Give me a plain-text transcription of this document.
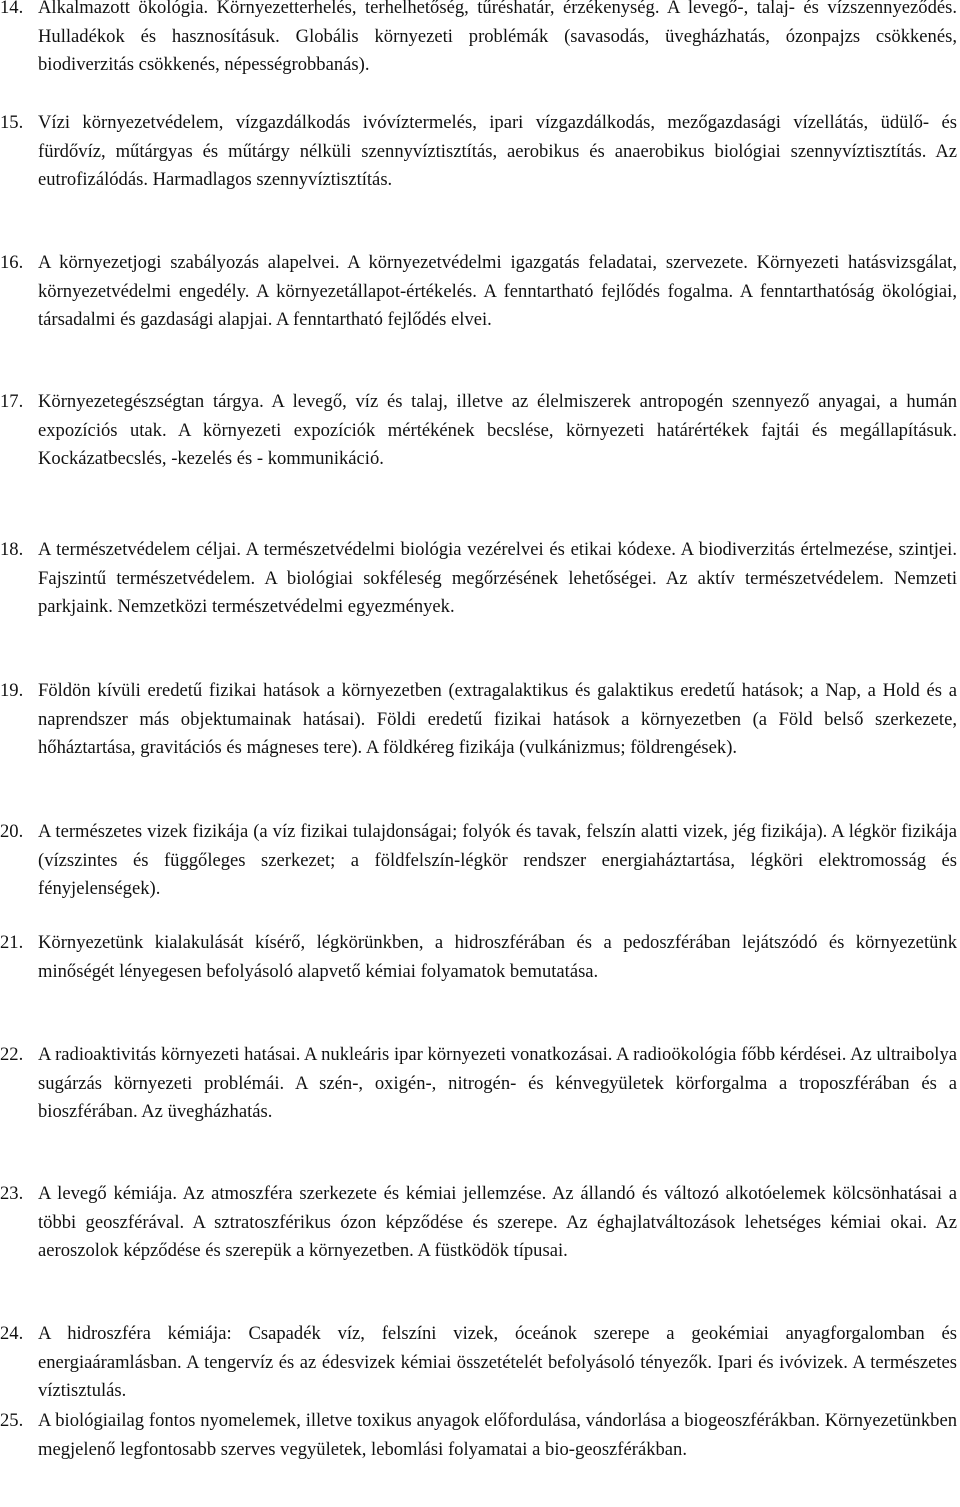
14. Alkalmazott ökológia. Környezetterhelés, terhelhetőség, tűréshatár, érzékenység. A levegő-, talaj- és vízszennyeződés. Hulladékok és hasznosításuk. Globális környezeti problémák (savasodás, üvegházhatás, ózonpajzs csökkenés, biodiverzitás csökkenés, népességrobbanás).
15. Vízi környezetvédelem, vízgazdálkodás ivóvíztermelés, ipari vízgazdálkodás, mezőgazdasági vízellátás, üdülő- és fürdővíz, műtárgyas és műtárgy nélküli szennyvíztisztítás, aerobikus és anaerobikus biológiai szennyvíztisztítás. Az eutrofizálódás. Harmadlagos szennyvíztisztítás.
16. A környezetjogi szabályozás alapelvei. A környezetvédelmi igazgatás feladatai, szervezete. Környezeti hatásvizsgálat, környezetvédelmi engedély. A környezetállapot-értékelés. A fenntartható fejlődés fogalma. A fenntarthatóság ökológiai, társadalmi és gazdasági alapjai. A fenntartható fejlődés elvei.
17. Környezetegészségtan tárgya. A levegő, víz és talaj, illetve az élelmiszerek antropogén szennyező anyagai, a humán expozíciós utak. A környezeti expozíciók mértékének becslése, környezeti határértékek fajtái és megállapításuk. Kockázatbecslés, -kezelés és - kommunikáció.
18. A természetvédelem céljai. A természetvédelmi biológia vezérelvei és etikai kódexe. A biodiverzitás értelmezése, szintjei. Fajszintű természetvédelem. A biológiai sokféleség megőrzésének lehetőségei. Az aktív természetvédelem. Nemzeti parkjaink. Nemzetközi természetvédelmi egyezmények.
19. Földön kívüli eredetű fizikai hatások a környezetben (extragalaktikus és galaktikus eredetű hatások; a Nap, a Hold és a naprendszer más objektumainak hatásai). Földi eredetű fizikai hatások a környezetben (a Föld belső szerkezete, hőháztartása, gravitációs és mágneses tere). A földkéreg fizikája (vulkánizmus; földrengések).
20. A természetes vizek fizikája (a víz fizikai tulajdonságai; folyók és tavak, felszín alatti vizek, jég fizikája). A légkör fizikája (vízszintes és függőleges szerkezet; a földfelszín-légkör rendszer energiaháztartása, légköri elektromosság és fényjelenségek).
21. Környezetünk kialakulását kísérő, légkörünkben, a hidroszférában és a pedoszférában lejátszódó és környezetünk minőségét lényegesen befolyásoló alapvető kémiai folyamatok bemutatása.
22. A radioaktivitás környezeti hatásai. A nukleáris ipar környezeti vonatkozásai. A radioökológia főbb kérdései. Az ultraibolya sugárzás környezeti problémái. A szén-, oxigén-, nitrogén- és kénvegyületek körforgalma a troposzférában és a bioszférában. Az üvegházhatás.
23. A levegő kémiája. Az atmoszféra szerkezete és kémiai jellemzése. Az állandó és változó alkotóelemek kölcsönhatásai a többi geoszférával. A sztratoszférikus ózon képződése és szerepe. Az éghajlatváltozások lehetséges kémiai okai. Az aeroszolok képződése és szerepük a környezetben. A füstködök típusai.
24. A hidroszféra kémiája: Csapadék víz, felszíni vizek, óceánok szerepe a geokémiai anyagforgalomban és energiaáramlásban. A tengervíz és az édesvizek kémiai összetételét befolyásoló tényezők. Ipari és ivóvizek. A természetes víztisztulás.
25. A biológiailag fontos nyomelemek, illetve toxikus anyagok előfordulása, vándorlása a biogeoszférákban. Környezetünkben megjelenő legfontosabb szerves vegyületek, lebomlási folyamatai a bio-geoszférákban.
